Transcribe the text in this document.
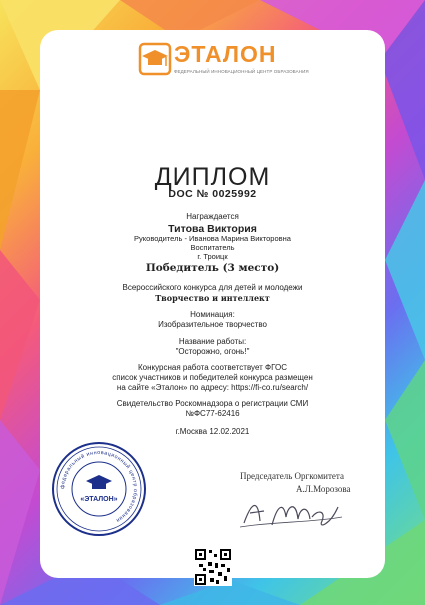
ЭТАЛОН
ФЕДЕРАЛЬНЫЙ ИННОВАЦИОННЫЙ ЦЕНТР ОБРАЗОВАНИЯ
ДИПЛОМ
DOC № 0025992
Награждается
Титова Виктория
Руководитель - Иванова Марина Викторовна
Воспитатель
г. Троицк
Победитель (3 место)
Всероссийского конкурса для детей и молодежи
Творчество и интеллект
Номинация:
Изобразительное творчество
Название работы:
"Осторожно, огонь!"
Конкурсная работа соответствует ФГОС
список участников и победителей конкурса размещен
на сайте «Эталон» по адресу: https://fi-co.ru/search/
Свидетельство Роскомнадзора о регистрации СМИ
№ФС77-62416
г.Москва 12.02.2021
Председатель Оргкомитета
А.Л.Морозова
федеральный инновационный центр образования
«ЭТАЛОН»
